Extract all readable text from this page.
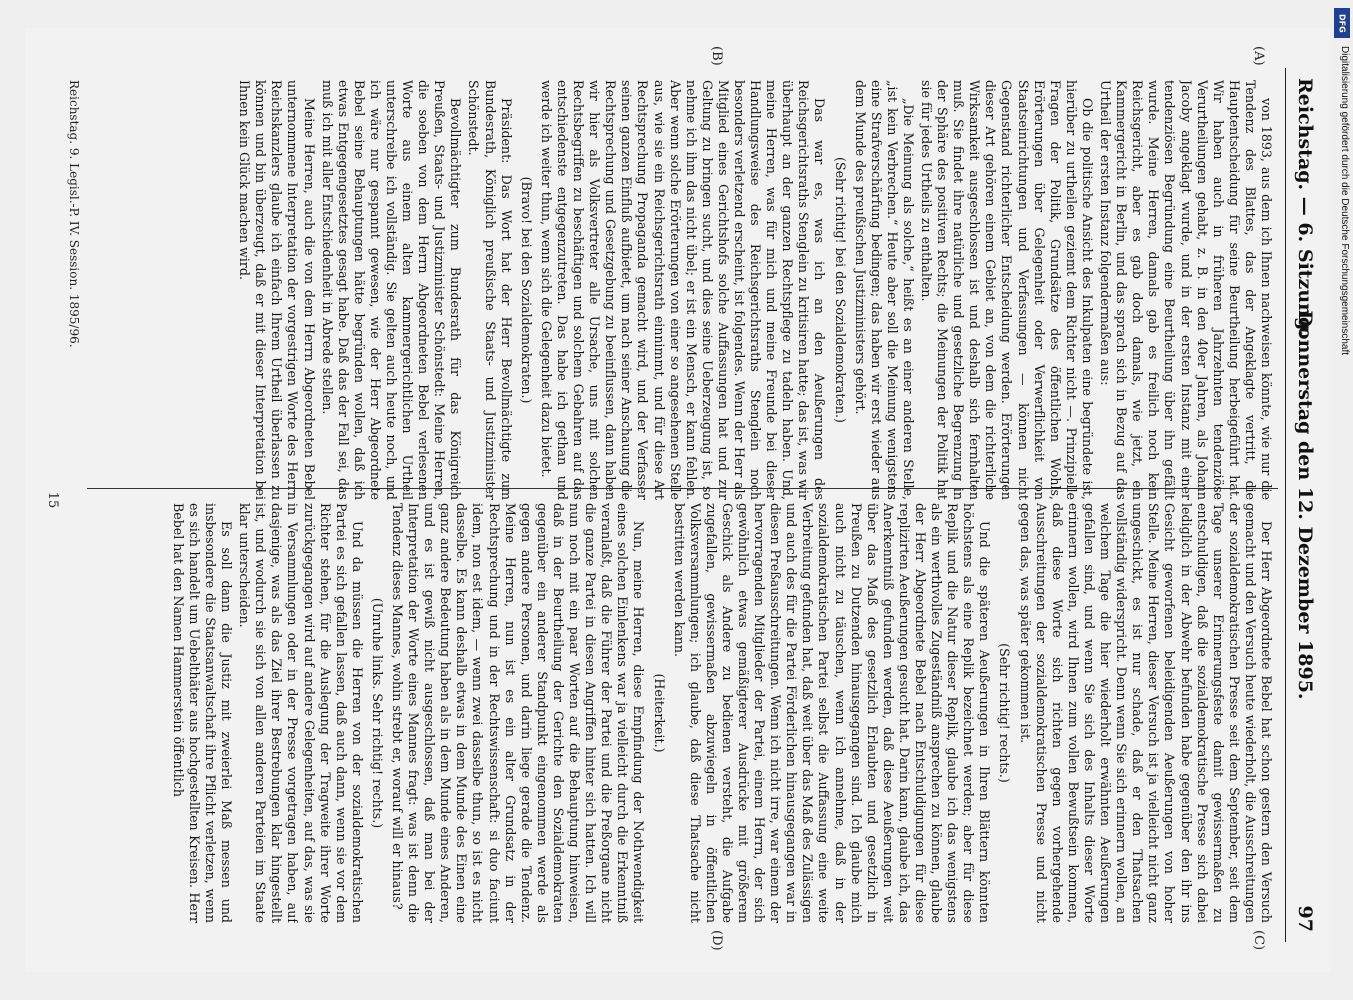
Reichstag. — 6. Sitzung.
Donnerstag den 12. Dezember 1895.
97
(A)
(B)
(C)
(D)

von 1893, aus dem ich Ihnen nachweisen könnte, wie nur die Tendenz des Blattes, das der Angeklagte vertritt, die Hauptentscheidung für seine Beurtheilung herbeigeführt hat. Wir haben auch in früheren Jahrzehnten tendenziöse Verurtheilungen gehabt, z. B. in den 40er Jahren, als Johann Jacoby angeklagt wurde, und in der ersten Instanz mit einer tendenziösen Begründung eine Beurtheilung über ihn gefällt wurde. Meine Herren, damals gab es freilich noch kein Reichsgericht, aber es gab doch damals, wie jetzt, ein Kammergericht in Berlin, und das sprach sich in Bezug auf das Urtheil der ersten Instanz folgendermaßen aus:

Ob die politische Ansicht des Inkulpaten eine begründete ist, hierüber zu urtheilen geziemt dem Richter nicht —. Prinzipielle Fragen der Politik, Grundsätze des öffentlichen Wohls, Erörterungen über Gelegenheit oder Verwerflichkeit von Staatseinrichtungen und Verfassungen — können nicht Gegenstand richterlicher Entscheidung werden. Erörterungen dieser Art gehören einem Gebiet an, von dem die richterliche Wirksamkeit ausgeschlossen ist und deshalb sich fernhalten muß. Sie findet ihre natürliche und gesetzliche Begrenzung in der Sphäre des positiven Rechts; die Meinungen der Politik hat sie für jedes Urtheils zu enthalten.

„Die Meinung als solche,“ heißt es an einer anderen Stelle, „ist kein Verbrechen.“ Heute aber soll die Meinung wenigstens eine Strafverschärfung bedingen; das haben wir erst wieder aus dem Munde des preußischen Justizministers gehört.

(Sehr richtig! bei den Sozialdemokraten.)

Das war es, was ich an den Aeußerungen des Reichsgerichtsraths Stenglein zu kritisiren hatte; das ist, was wir überhaupt an der ganzen Rechtspflege zu tadeln haben. Und, meine Herren, was für mich und meine Freunde bei dieser Handlungsweise des Reichsgerichtsraths Stenglein noch besonders verletzend erscheint, ist folgendes. Wenn der Herr als Mitglied eines Gerichtshofs solche Auffassungen hat und zur Geltung zu bringen sucht, und dies seine Ueberzeugung ist, so nehme ich ihm das nicht übel; er ist ein Mensch, er kann fehlen. Aber wenn solche Erörterungen von einer so angesehenen Stelle aus, wie sie ein Reichsgerichtsrath einnimmt, und für diese Art Rechtsprechung Propaganda gemacht wird, und der Verfasser seinen ganzen Einfluß aufbietet, um nach seiner Anschauung die Rechtsprechung und Gesetzgebung zu beeinflussen, dann haben wir hier als Volksvertreter alle Ursache, uns mit solchen Rechtsbegriffen zu beschäftigen und solchem Gebahren auf das entschiedenste entgegenzutreten. Das habe ich gethan und werde ich weiter thun, wenn sich die Gelegenheit dazu bietet.

(Bravo! bei den Sozialdemokraten.)

Präsident: Das Wort hat der Herr Bevollmächtigte zum Bundesrath, Königlich preußische Staats- und Justizminister Schönstedt.

Bevollmächtigter zum Bundesrath für das Königreich Preußen, Staats- und Justizminister Schönstedt: Meine Herren, die soeben von dem Herrn Abgeordneten Bebel verlesenen Worte aus einem alten kammergerichtlichen Urtheil unterschreibe ich vollständig. Sie gelten auch heute noch, und ich wäre nur gespannt gewesen, wie der Herr Abgeordnete Bebel seine Behauptungen hätte begründen wollen, daß ich etwas Entgegengesetztes gesagt habe. Daß das der Fall sei, das muß ich mit aller Entschiedenheit in Abrede stellen.

Meine Herren, auch die von dem Herrn Abgeordneten Bebel unternommene Interpretation der vorgestrigen Worte des Herrn Reichskanzlers glaube ich einfach Ihrem Urtheil überlassen zu können und bin überzeugt, daß er mit dieser Interpretation bei Ihnen kein Glück machen wird.

Der Herr Abgeordnete Bebel hat schon gestern den Versuch gemacht und den Versuch heute wiederholt, die Ausschreitungen der sozialdemokratischen Presse seit dem September, seit dem Tage unserer Erinnerungsfeste damit gewissermaßen zu entschuldigen, daß die sozialdemokratische Presse sich dabei lediglich in der Abwehr befunden habe gegenüber den ihr ins Gesicht geworfenen beleidigenden Aeußerungen von hoher Stelle. Meine Herren, dieser Versuch ist ja vielleicht nicht ganz ungeschickt, es ist nur schade, daß er den Thatsachen vollständig widerspricht. Denn wenn Sie sich erinnern wollen, an welchem Tage die hier wiederholt erwähnten Aeußerungen gefallen sind, und wenn Sie sich des Inhalts dieser Worte erinnern wollen, wird Ihnen zum vollen Bewußtsein kommen, daß diese Worte sich richten gegen vorhergehende Ausschreitungen der sozialdemokratischen Presse und nicht gegen das, was später gekommen ist.

(Sehr richtig! rechts.)

Und die späteren Aeußerungen in Ihren Blättern könnten höchstens als eine Replik bezeichnet werden; aber für diese Replik und die Natur dieser Replik, glaube ich das wenigstens als ein werthvolles Zugeständniß ansprechen zu können, glaube der Herr Abgeordnete Bebel nach Entschuldigungen für diese replizirten Aeußerungen gesucht hat. Darin kann, glaube ich, das Anerkenntniß gefunden werden, daß diese Aeußerungen weit über das Maß des gesetzlich Erlaubten und gesetzlich in Preußen zu Dutzenden hinausgegangen sind. Ich glaube mich auch nicht zu täuschen, wenn ich annehme, daß in der sozialdemokratischen Partei selbst die Auffassung eine weite Verbreitung gefunden hat, daß weit über das Maß des Zulässigen und auch des für die Partei Förderlichen hinausgegangen war in diesen Preßausschreitungen. Wenn ich nicht irre, war einem der hervorragenden Mitglieder der Partei, einem Herrn, der sich gewöhnlich etwas gemäßigterer Ausdrücke mit größerem Geschick als Andere zu bedienen versteht, die Aufgabe zugefallen, gewissermaßen abzuwiegeln in öffentlichen Volksversammlungen; ich glaube, daß diese Thatsache nicht bestritten werden kann.

(Heiterkeit.)

Nun, meine Herren, diese Empfindung der Nothwendigkeit eines solchen Einlenkens war ja vielleicht durch die Erkenntniß veranlaßt, daß die Führer der Partei und die Preßorgane nicht die ganze Partei in diesen Angriffen hinter sich hatten. Ich will nun noch mit ein paar Worten auf die Behauptung hinweisen, daß in der Beurtheilung der Gerichte den Sozialdemokraten gegenüber ein anderer Standpunkt eingenommen werde als gegen andere Personen, und darin liege gerade die Tendenz. Meine Herren, nun ist es ein alter Grundsatz in der Rechtsprechung und in der Rechtswissenschaft: si duo faciunt idem, non est idem, — wenn zwei dasselbe thun, so ist es nicht dasselbe. Es kann deshalb etwas in dem Munde des Einen eine ganz andere Bedeutung haben als in dem Munde eines Anderen, und es ist gewiß nicht ausgeschlossen, daß man bei der Interpretation der Worte eines Mannes fragt: was ist denn die Tendenz dieses Mannes, wohin strebt er, worauf will er hinaus?

(Unruhe links. Sehr richtig! rechts.)

Und da müssen die Herren von der sozialdemokratischen Partei es sich gefallen lassen, daß auch dann, wenn sie vor dem Richter stehen, für die Auslegung der Tragweite ihrer Worte zurückgegangen wird auf andere Gelegenheiten, auf das, was sie in Versammlungen oder in der Presse vorgetragen haben, auf dasjenige, was als das Ziel ihrer Bestrebungen klar hingestellt ist, und wodurch sie sich von allen anderen Parteien im Staate klar unterscheiden.

Es soll dann die Justiz mit zweierlei Maß messen und insbesondere die Staatsanwaltschaft ihre Pflicht verletzen, wenn es sich handelt um Uebelthäter aus hochgestellten Kreisen. Herr Bebel hat den Namen Hammerstein öffentlich

Reichstag. 9. Legisl.-P. IV. Session. 1895/96.
15
DFG
Digitalisierung gefördert durch die Deutsche Forschungsgemeinschaft
